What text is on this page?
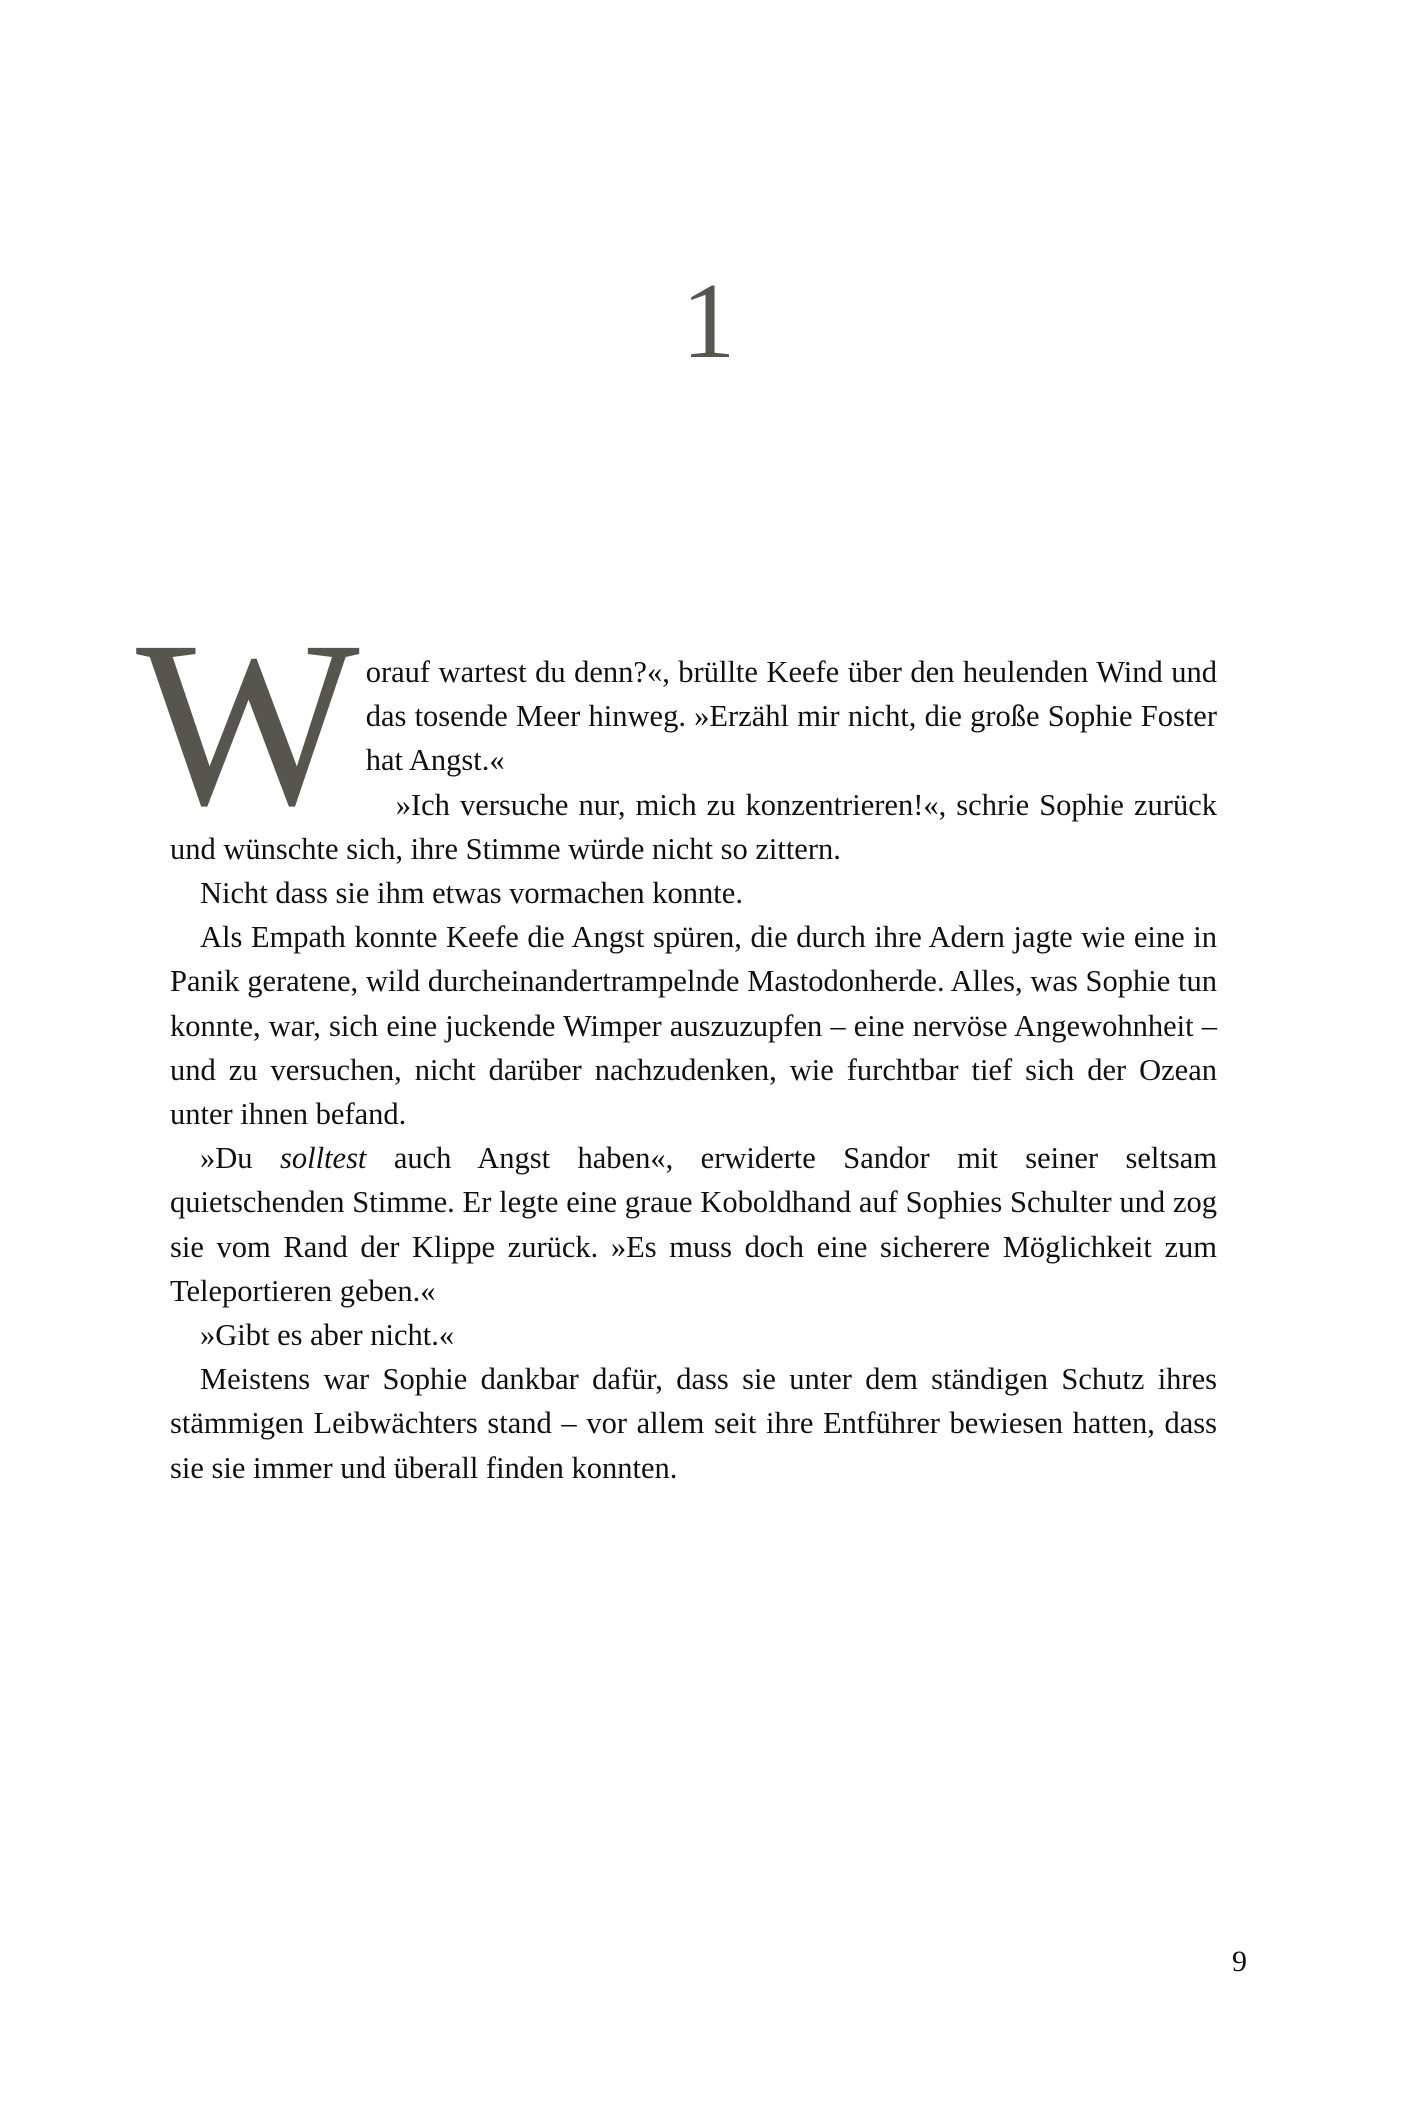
1

Worauf wartest du denn?«, brüllte Keefe über den heulenden Wind und das tosende Meer hinweg. »Erzähl mir nicht, die große Sophie Foster hat Angst.«

»Ich versuche nur, mich zu konzentrieren!«, schrie Sophie zurück und wünschte sich, ihre Stimme würde nicht so zittern.

Nicht dass sie ihm etwas vormachen konnte.

Als Empath konnte Keefe die Angst spüren, die durch ihre Adern jagte wie eine in Panik geratene, wild durcheinandertrampelnde Mastodonherde. Alles, was Sophie tun konnte, war, sich eine juckende Wimper auszuzupfen – eine nervöse Angewohnheit – und zu versuchen, nicht darüber nachzudenken, wie furchtbar tief sich der Ozean unter ihnen befand.

»Du solltest auch Angst haben«, erwiderte Sandor mit seiner seltsam quietschenden Stimme. Er legte eine graue Koboldhand auf Sophies Schulter und zog sie vom Rand der Klippe zurück. »Es muss doch eine sicherere Möglichkeit zum Teleportieren geben.«

»Gibt es aber nicht.«

Meistens war Sophie dankbar dafür, dass sie unter dem ständigen Schutz ihres stämmigen Leibwächters stand – vor allem seit ihre Entführer bewiesen hatten, dass sie sie immer und überall finden konnten.

9
